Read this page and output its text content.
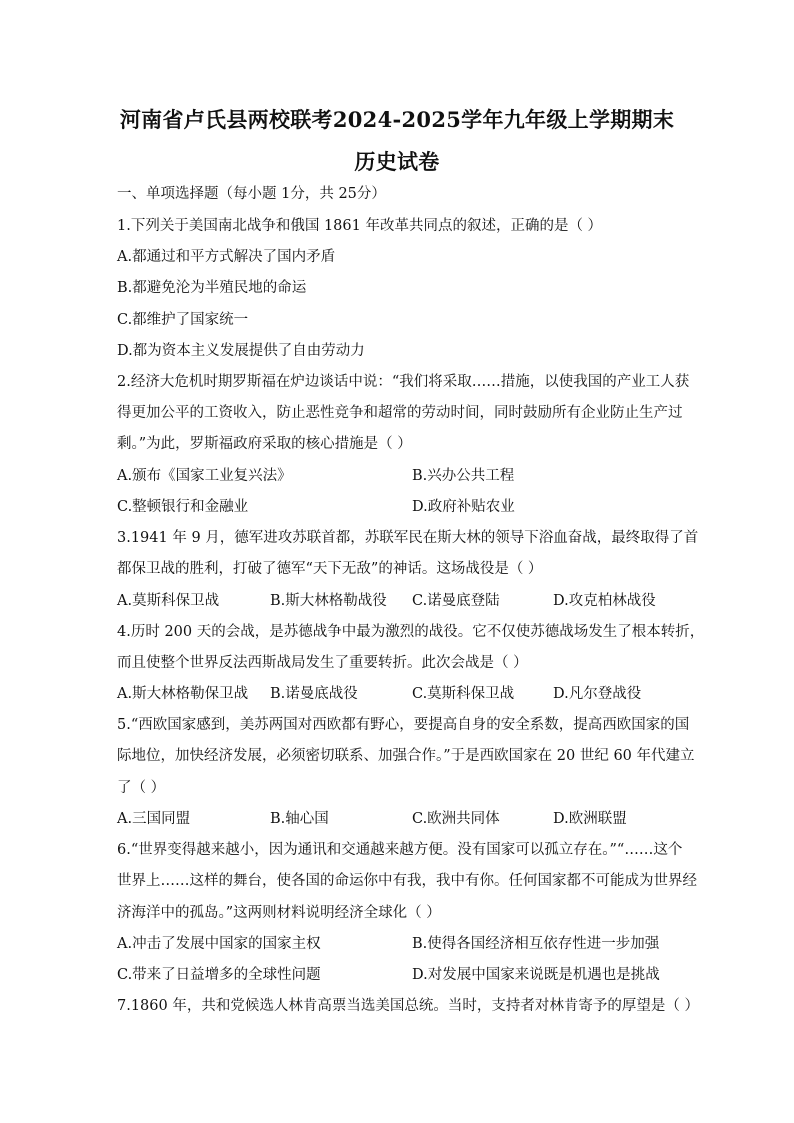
河南省卢氏县两校联考2024-2025学年九年级上学期期末
历史试卷
一、单项选择题（每小题 1分，共 25分）
1.下列关于美国南北战争和俄国 1861 年改革共同点的叙述，正确的是（ ）
A.都通过和平方式解决了国内矛盾
B.都避免沦为半殖民地的命运
C.都维护了国家统一
D.都为资本主义发展提供了自由劳动力
2.经济大危机时期罗斯福在炉边谈话中说：“我们将采取……措施，以使我国的产业工人获
得更加公平的工资收入，防止恶性竞争和超常的劳动时间，同时鼓励所有企业防止生产过
剩。”为此，罗斯福政府采取的核心措施是（ ）
A.颁布《国家工业复兴法》	B.兴办公共工程
C.整顿银行和金融业	D.政府补贴农业
3.1941 年 9 月，德军进攻苏联首都，苏联军民在斯大林的领导下浴血奋战，最终取得了首
都保卫战的胜利，打破了德军“天下无敌”的神话。这场战役是（ ）
A.莫斯科保卫战	B.斯大林格勒战役 C.诺曼底登陆	D.攻克柏林战役
4.历时 200 天的会战，是苏德战争中最为激烈的战役。它不仅使苏德战场发生了根本转折，
而且使整个世界反法西斯战局发生了重要转折。此次会战是（ ）
A.斯大林格勒保卫战 B.诺曼底战役	C.莫斯科保卫战	D.凡尔登战役
5.“西欧国家感到，美苏两国对西欧都有野心，要提高自身的安全系数，提高西欧国家的国
际地位，加快经济发展，必须密切联系、加强合作。”于是西欧国家在 20 世纪 60 年代建立
了（ ）
A.三国同盟	B.轴心国	C.欧洲共同体	D.欧洲联盟
6.“世界变得越来越小，因为通讯和交通越来越方便。没有国家可以孤立存在。”“……这个
世界上……这样的舞台，使各国的命运你中有我，我中有你。任何国家都不可能成为世界经
济海洋中的孤岛。”这两则材料说明经济全球化（ ）
A.冲击了发展中国家的国家主权	B.使得各国经济相互依存性进一步加强
C.带来了日益增多的全球性问题	D.对发展中国家来说既是机遇也是挑战
7.1860 年，共和党候选人林肯高票当选美国总统。当时，支持者对林肯寄予的厚望是（ ）
